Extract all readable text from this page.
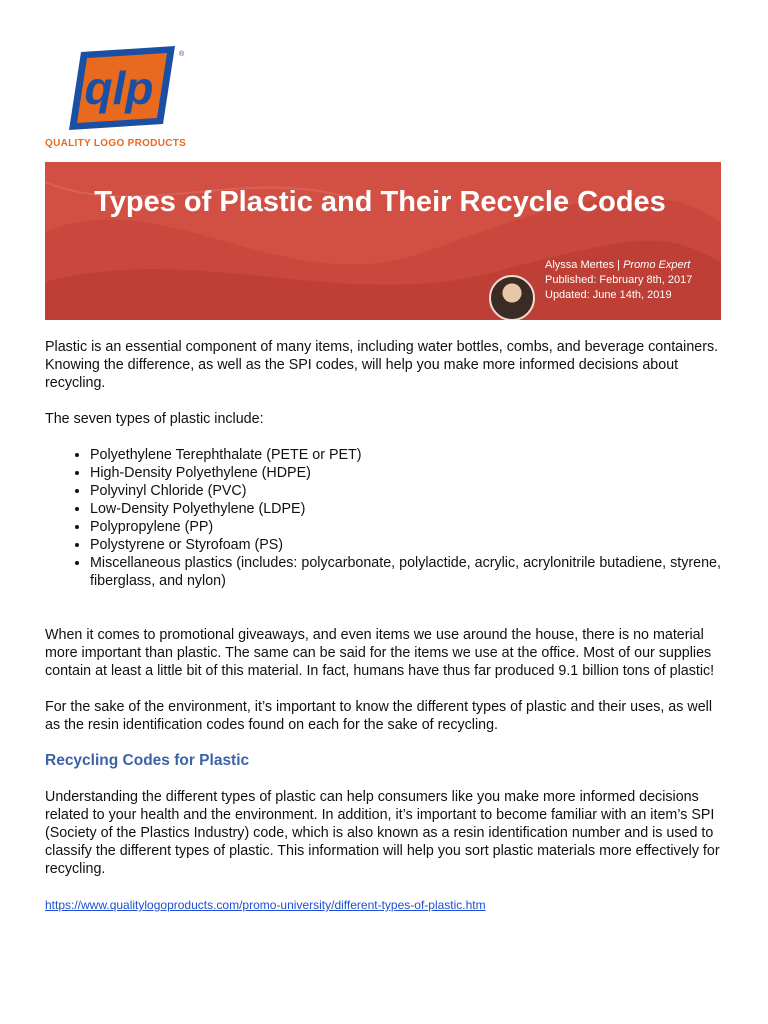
qlp
®
QUALITY LOGO PRODUCTS
Types of Plastic and Their Recycle Codes
Alyssa Mertes | Promo Expert
Published: February 8th, 2017
Updated: June 14th, 2019

Plastic is an essential component of many items, including water bottles, combs, and beverage containers. Knowing the difference, as well as the SPI codes, will help you make more informed decisions about recycling.

The seven types of plastic include:

• Polyethylene Terephthalate (PETE or PET)
• High-Density Polyethylene (HDPE)
• Polyvinyl Chloride (PVC)
• Low-Density Polyethylene (LDPE)
• Polypropylene (PP)
• Polystyrene or Styrofoam (PS)
• Miscellaneous plastics (includes: polycarbonate, polylactide, acrylic, acrylonitrile butadiene, styrene, fiberglass, and nylon)

When it comes to promotional giveaways, and even items we use around the house, there is no material more important than plastic. The same can be said for the items we use at the office. Most of our supplies contain at least a little bit of this material. In fact, humans have thus far produced 9.1 billion tons of plastic!

For the sake of the environment, it’s important to know the different types of plastic and their uses, as well as the resin identification codes found on each for the sake of recycling.

Recycling Codes for Plastic

Understanding the different types of plastic can help consumers like you make more informed decisions related to your health and the environment. In addition, it’s important to become familiar with an item’s SPI (Society of the Plastics Industry) code, which is also known as a resin identification number and is used to classify the different types of plastic. This information will help you sort plastic materials more effectively for recycling.

https://www.qualitylogoproducts.com/promo-university/different-types-of-plastic.htm
